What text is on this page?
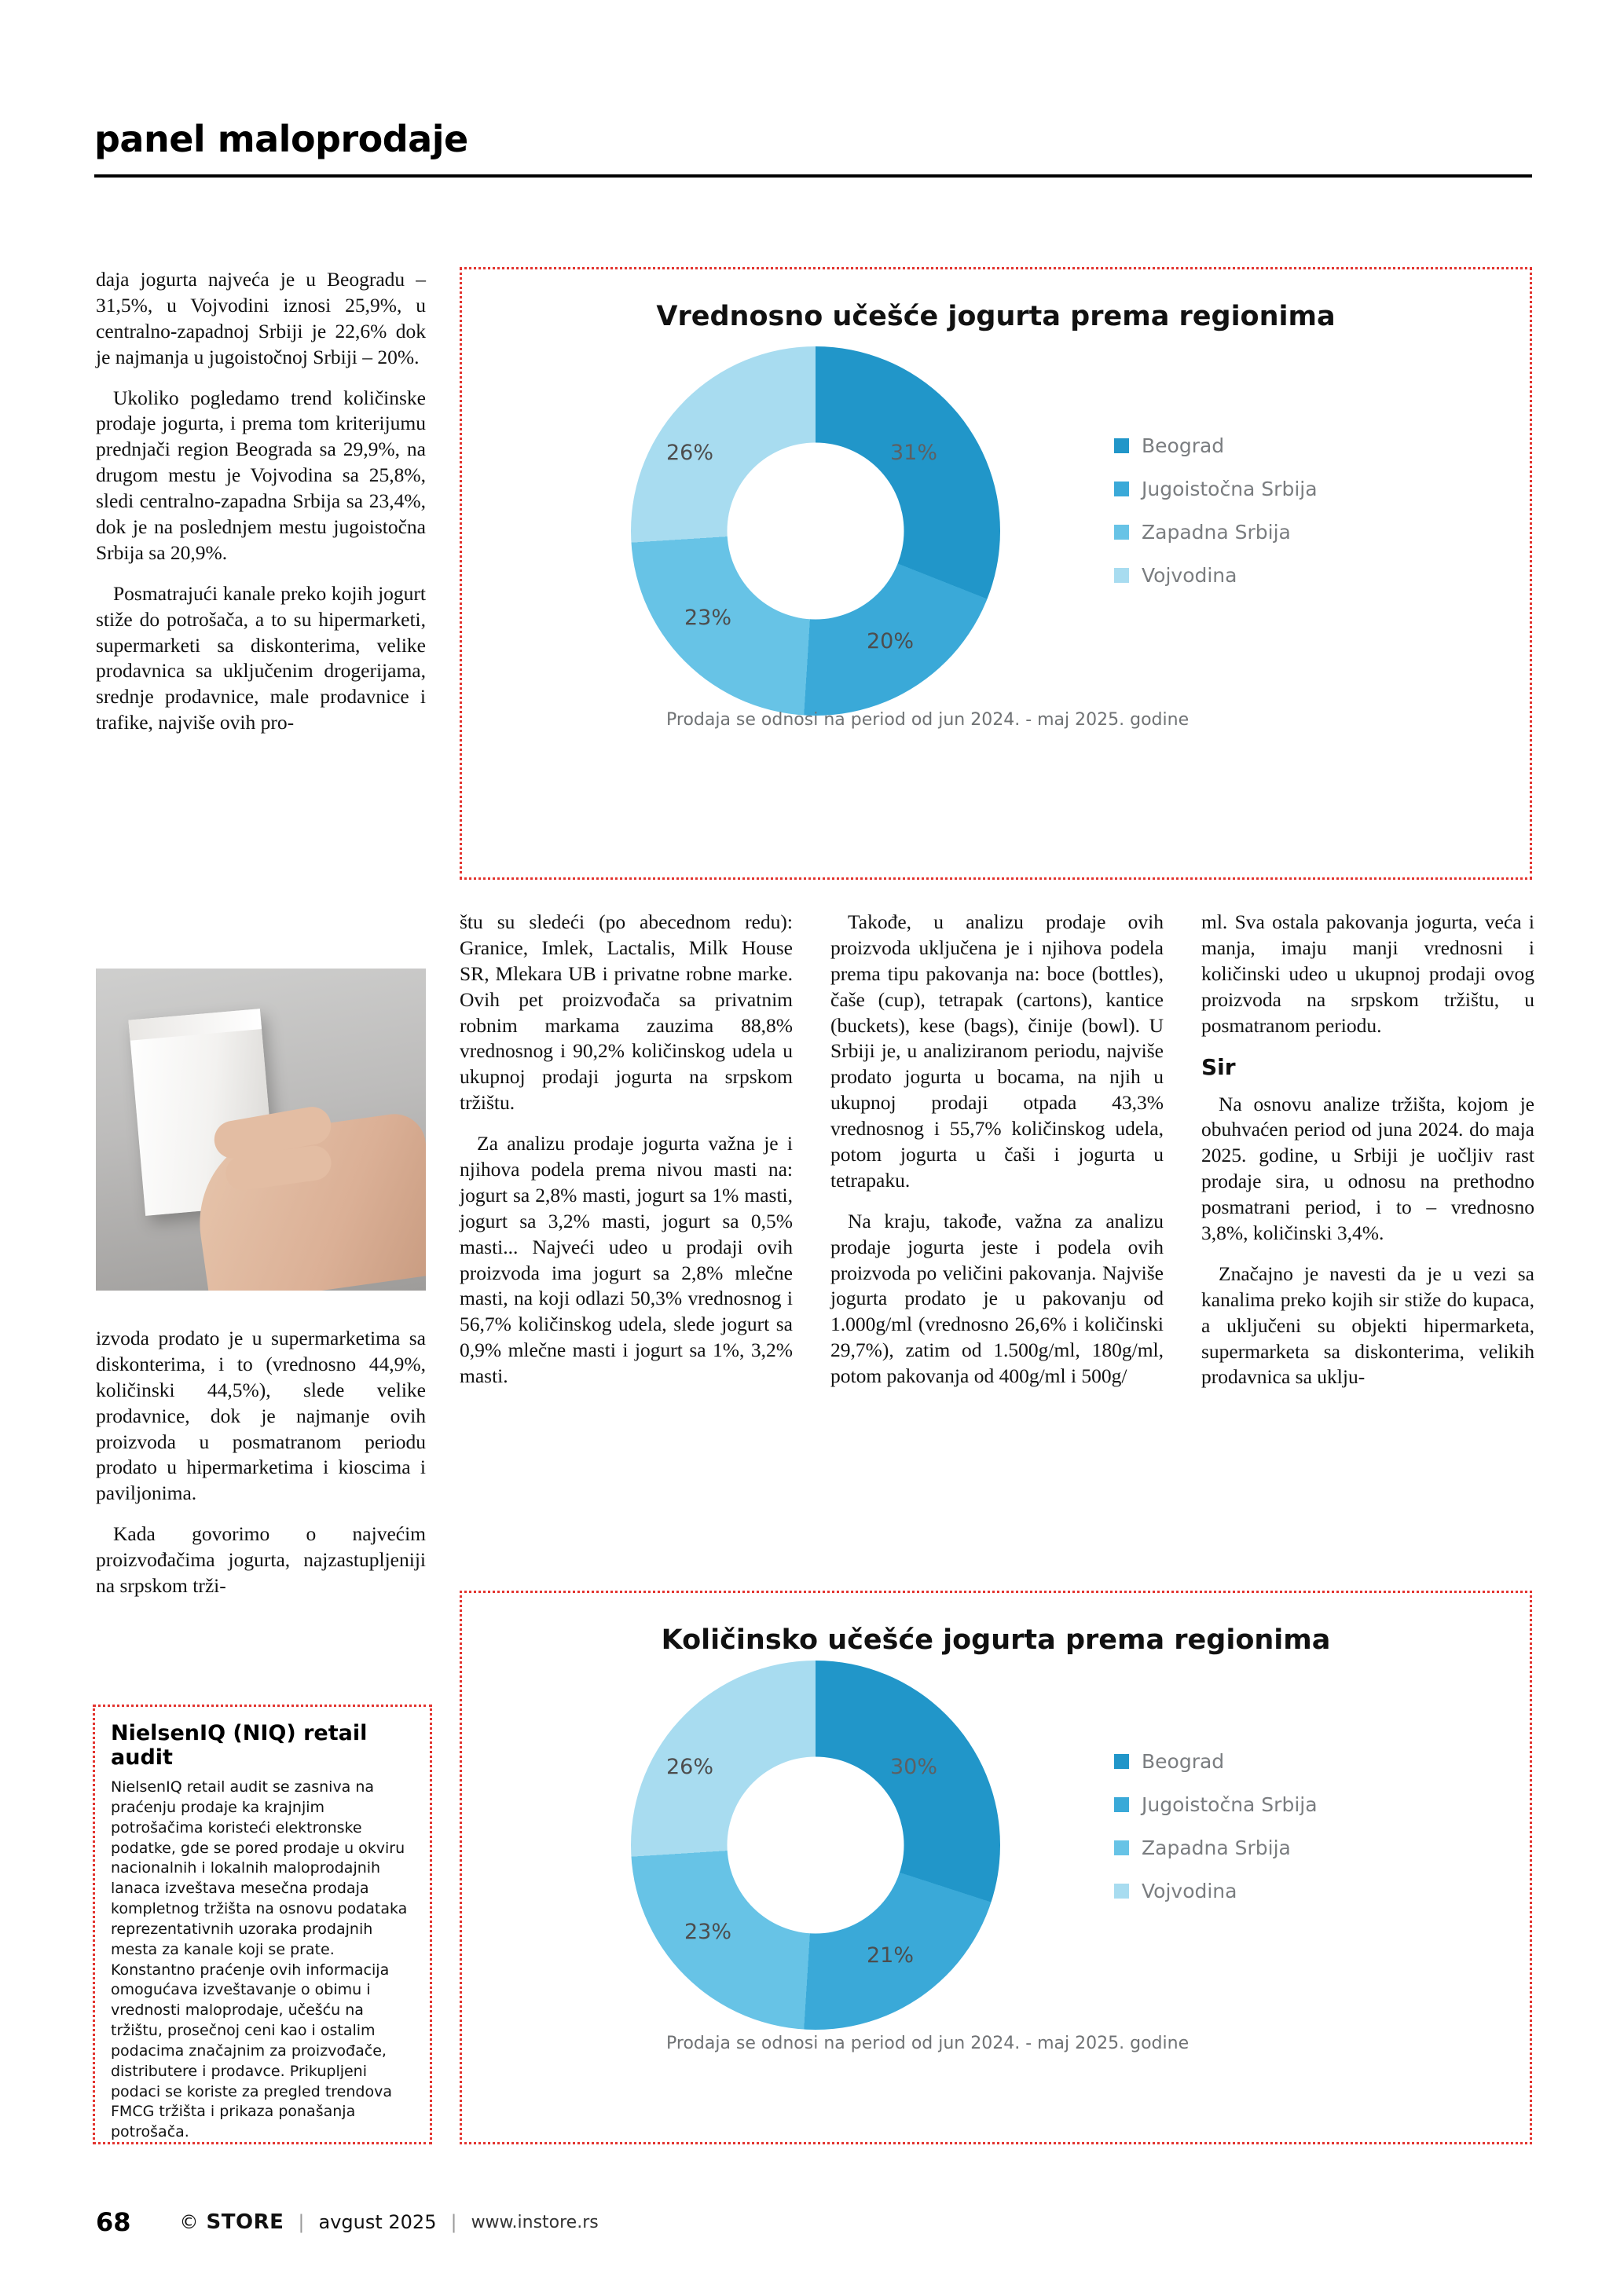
panel maloprodaje

daja jogurta najveća je u Beogradu – 31,5%, u Vojvodini iznosi 25,9%, u centralno-zapadnoj Srbiji je 22,6% dok je najmanja u jugoistočnoj Srbiji – 20%.

Ukoliko pogledamo trend količinske prodaje jogurta, i prema tom kriterijumu prednjači region Beograda sa 29,9%, na drugom mestu je Vojvodina sa 25,8%, sledi centralno-zapadna Srbija sa 23,4%, dok je na poslednjem mestu jugoistočna Srbija sa 20,9%.

Posmatrajući kanale preko kojih jogurt stiže do potrošača, a to su hipermarketi, supermarketi sa diskonterima, velike prodavnica sa uključenim drogerijama, srednje prodavnice, male prodavnice i trafike, najviše ovih pro-

izvoda prodato je u supermarketima sa diskonterima, i to (vrednosno 44,9%, količinski 44,5%), slede velike prodavnice, dok je najmanje ovih proizvoda u posmatranom periodu prodato u hipermarketima i kioscima i paviljonima.

Kada govorimo o najvećim proizvođačima jogurta, najzastupljeniji na srpskom trži-

NielsenIQ (NIQ) retail audit

NielsenIQ retail audit se zasniva na praćenju prodaje ka krajnjim potrošačima koristeći elektronske podatke, gde se pored prodaje u okviru nacionalnih i lokalnih maloprodajnih lanaca izveštava mesečna prodaja kompletnog tržišta na osnovu podataka reprezentativnih uzoraka prodajnih mesta za kanale koji se prate. Konstantno praćenje ovih informacija omogućava izveštavanje o obimu i vrednosti maloprodaje, učešću na tržištu, prosečnoj ceni kao i ostalim podacima značajnim za proizvođače, distributere i prodavce. Prikupljeni podaci se koriste za pregled trendova FMCG tržišta i prikaza ponašanja potrošača.

Vrednosno učešće jogurta prema regionima
31%
20%
23%
26%	Beograd
Jugoistočna Srbija
Zapadna Srbija
Vojvodina
Prodaja se odnosi na period od jun 2024. - maj 2025. godine

štu su sledeći (po abecednom redu): Granice, Imlek, Lactalis, Milk House SR, Mlekara UB i privatne robne marke. Ovih pet proizvođača sa privatnim robnim markama zauzima 88,8% vrednosnog i 90,2% količinskog udela u ukupnoj prodaji jogurta na srpskom tržištu.

Za analizu prodaje jogurta važna je i njihova podela prema nivou masti na: jogurt sa 2,8% masti, jogurt sa 1% masti, jogurt sa 3,2% masti, jogurt sa 0,5% masti... Najveći udeo u prodaji ovih proizvoda ima jogurt sa 2,8% mlečne masti, na koji odlazi 50,3% vrednosnog i 56,7% količinskog udela, slede jogurt sa 0,9% mlečne masti i jogurt sa 1%, 3,2% masti.

Takođe, u analizu prodaje ovih proizvoda uključena je i njihova podela prema tipu pakovanja na: boce (bottles), čaše (cup), tetrapak (cartons), kantice (buckets), kese (bags), činije (bowl). U Srbiji je, u analiziranom periodu, najviše prodato jogurta u bocama, na njih u ukupnoj prodaji otpada 43,3% vrednosnog i 55,7% količinskog udela, potom jogurta u čaši i jogurta u tetrapaku.

Na kraju, takođe, važna za analizu prodaje jogurta jeste i podela ovih proizvoda po veličini pakovanja. Najviše jogurta prodato je u pakovanju od 1.000g/ml (vrednosno 26,6% i količinski 29,7%), zatim od 1.500g/ml, 180g/ml, potom pakovanja od 400g/ml i 500g/

ml. Sva ostala pakovanja jogurta, veća i manja, imaju manji vrednosni i količinski udeo u ukupnoj prodaji ovog proizvoda na srpskom tržištu, u posmatranom periodu.

Sir

Na osnovu analize tržišta, kojom je obuhvaćen period od juna 2024. do maja 2025. godine, u Srbiji je uočljiv rast prodaje sira, u odnosu na prethodno posmatrani period, i to – vrednosno 3,8%, količinski 3,4%.

Značajno je navesti da je u vezi sa kanalima preko kojih sir stiže do kupaca, a uključeni su objekti hipermarketa, supermarketa sa diskonterima, velikih prodavnica sa uklju-

Količinsko učešće jogurta prema regionima
30%
21%
23%
26%	Beograd
Jugoistočna Srbija
Zapadna Srbija
Vojvodina
Prodaja se odnosi na period od jun 2024. - maj 2025. godine
68	© STORE | avgust 2025 | www.instore.rs
